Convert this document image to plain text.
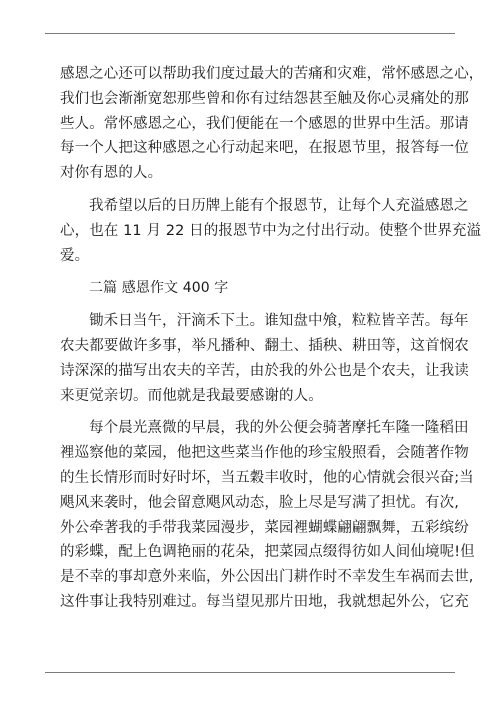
感恩之心还可以帮助我们度过最大的苦痛和灾难，常怀感恩之心，
我们也会渐渐宽恕那些曾和你有过结怨甚至触及你心灵痛处的那
些人。常怀感恩之心，我们便能在一个感恩的世界中生活。那请
每一个人把这种感恩之心行动起来吧，在报恩节里，报答每一位
对你有恩的人。
我希望以后的日历牌上能有个报恩节，让每个人充溢感恩之
心，也在 11 月 22 日的报恩节中为之付出行动。使整个世界充溢
爱。
二篇 感恩作文 400 字
锄禾日当午，汗滴禾下土。谁知盘中飧，粒粒皆辛苦。每年
农夫都要做许多事，举凡播种、翻土、插秧、耕田等，这首悯农
诗深深的描写出农夫的辛苦，由於我的外公也是个农夫，让我读
来更觉亲切。而他就是我最要感谢的人。
每个晨光熹微的早晨，我的外公便会骑著摩托车隆一隆稻田
裡巡察他的菜园，他把这些菜当作他的珍宝般照看，会随著作物
的生长情形而时好时坏，当五穀丰收时，他的心情就会很兴奋;当
飓风来袭时，他会留意飓风动态，脸上尽是写满了担忧。有次,
外公牵著我的手带我菜园漫步，菜园裡蝴蝶翩翩飘舞，五彩缤纷
的彩蝶，配上色调艳丽的花朵，把菜园点缀得彷如人间仙境呢!但
是不幸的事却意外来临，外公因出门耕作时不幸发生车祸而去世,
这件事让我特别难过。每当望见那片田地，我就想起外公，它充
